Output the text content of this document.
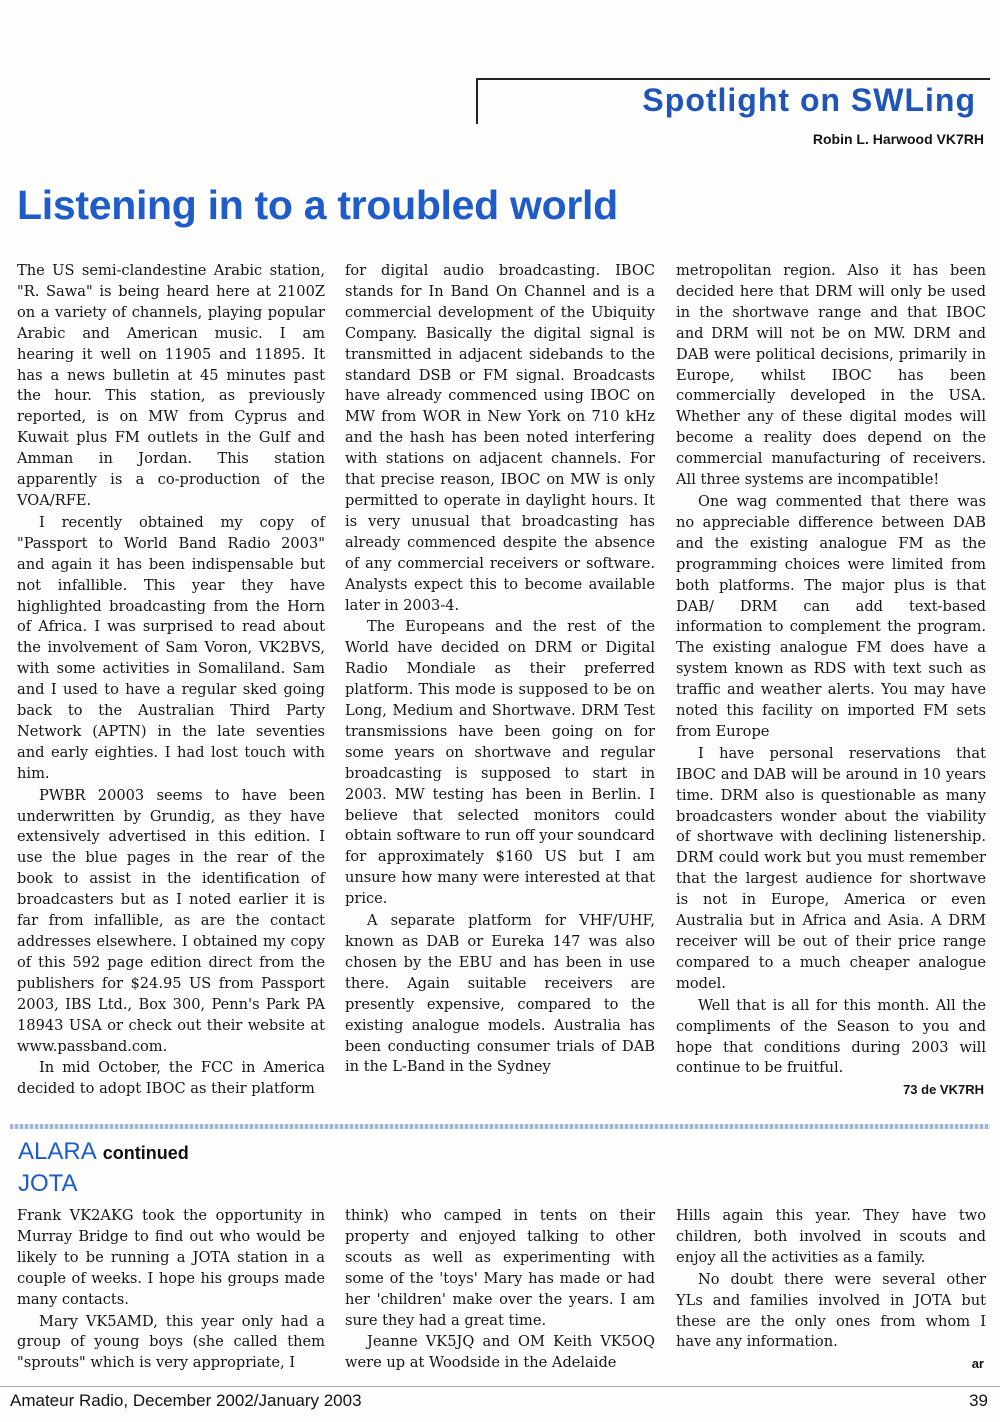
Spotlight on SWLing
Robin L. Harwood VK7RH
Listening in to a troubled world

The US semi-clandestine Arabic station, "R. Sawa" is being heard here at 2100Z on a variety of channels, playing popular Arabic and American music. I am hearing it well on 11905 and 11895. It has a news bulletin at 45 minutes past the hour. This station, as previously reported, is on MW from Cyprus and Kuwait plus FM outlets in the Gulf and Amman in Jordan. This station apparently is a co-production of the VOA/RFE.

I recently obtained my copy of "Passport to World Band Radio 2003" and again it has been indispensable but not infallible. This year they have highlighted broadcasting from the Horn of Africa. I was surprised to read about the involvement of Sam Voron, VK2BVS, with some activities in Somaliland. Sam and I used to have a regular sked going back to the Australian Third Party Network (APTN) in the late seventies and early eighties. I had lost touch with him.

PWBR 20003 seems to have been underwritten by Grundig, as they have extensively advertised in this edition. I use the blue pages in the rear of the book to assist in the identification of broadcasters but as I noted earlier it is far from infallible, as are the contact addresses elsewhere. I obtained my copy of this 592 page edition direct from the publishers for $24.95 US from Passport 2003, IBS Ltd., Box 300, Penn's Park PA 18943 USA or check out their website at www.passband.com.

In mid October, the FCC in America decided to adopt IBOC as their platform

for digital audio broadcasting. IBOC stands for In Band On Channel and is a commercial development of the Ubiquity Company. Basically the digital signal is transmitted in adjacent sidebands to the standard DSB or FM signal. Broadcasts have already commenced using IBOC on MW from WOR in New York on 710 kHz and the hash has been noted interfering with stations on adjacent channels. For that precise reason, IBOC on MW is only permitted to operate in daylight hours. It is very unusual that broadcasting has already commenced despite the absence of any commercial receivers or software. Analysts expect this to become available later in 2003-4.

The Europeans and the rest of the World have decided on DRM or Digital Radio Mondiale as their preferred platform. This mode is supposed to be on Long, Medium and Shortwave. DRM Test transmissions have been going on for some years on shortwave and regular broadcasting is supposed to start in 2003. MW testing has been in Berlin. I believe that selected monitors could obtain software to run off your soundcard for approximately $160 US but I am unsure how many were interested at that price.

A separate platform for VHF/UHF, known as DAB or Eureka 147 was also chosen by the EBU and has been in use there. Again suitable receivers are presently expensive, compared to the existing analogue models. Australia has been conducting consumer trials of DAB in the L-Band in the Sydney

metropolitan region. Also it has been decided here that DRM will only be used in the shortwave range and that IBOC and DRM will not be on MW. DRM and DAB were political decisions, primarily in Europe, whilst IBOC has been commercially developed in the USA. Whether any of these digital modes will become a reality does depend on the commercial manufacturing of receivers. All three systems are incompatible!

One wag commented that there was no appreciable difference between DAB and the existing analogue FM as the programming choices were limited from both platforms. The major plus is that DAB/ DRM can add text-based information to complement the program. The existing analogue FM does have a system known as RDS with text such as traffic and weather alerts. You may have noted this facility on imported FM sets from Europe

I have personal reservations that IBOC and DAB will be around in 10 years time. DRM also is questionable as many broadcasters wonder about the viability of shortwave with declining listenership. DRM could work but you must remember that the largest audience for shortwave is not in Europe, America or even Australia but in Africa and Asia. A DRM receiver will be out of their price range compared to a much cheaper analogue model.

Well that is all for this month. All the compliments of the Season to you and hope that conditions during 2003 will continue to be fruitful.

73 de VK7RH
ALARA continued
JOTA

Frank VK2AKG took the opportunity in Murray Bridge to find out who would be likely to be running a JOTA station in a couple of weeks. I hope his groups made many contacts.

Mary VK5AMD, this year only had a group of young boys (she called them "sprouts" which is very appropriate, I

think) who camped in tents on their property and enjoyed talking to other scouts as well as experimenting with some of the 'toys' Mary has made or had her 'children' make over the years. I am sure they had a great time.

Jeanne VK5JQ and OM Keith VK5OQ were up at Woodside in the Adelaide

Hills again this year. They have two children, both involved in scouts and enjoy all the activities as a family.

No doubt there were several other YLs and families involved in JOTA but these are the only ones from whom I have any information.

ar
Amateur Radio, December 2002/January 2003	39
